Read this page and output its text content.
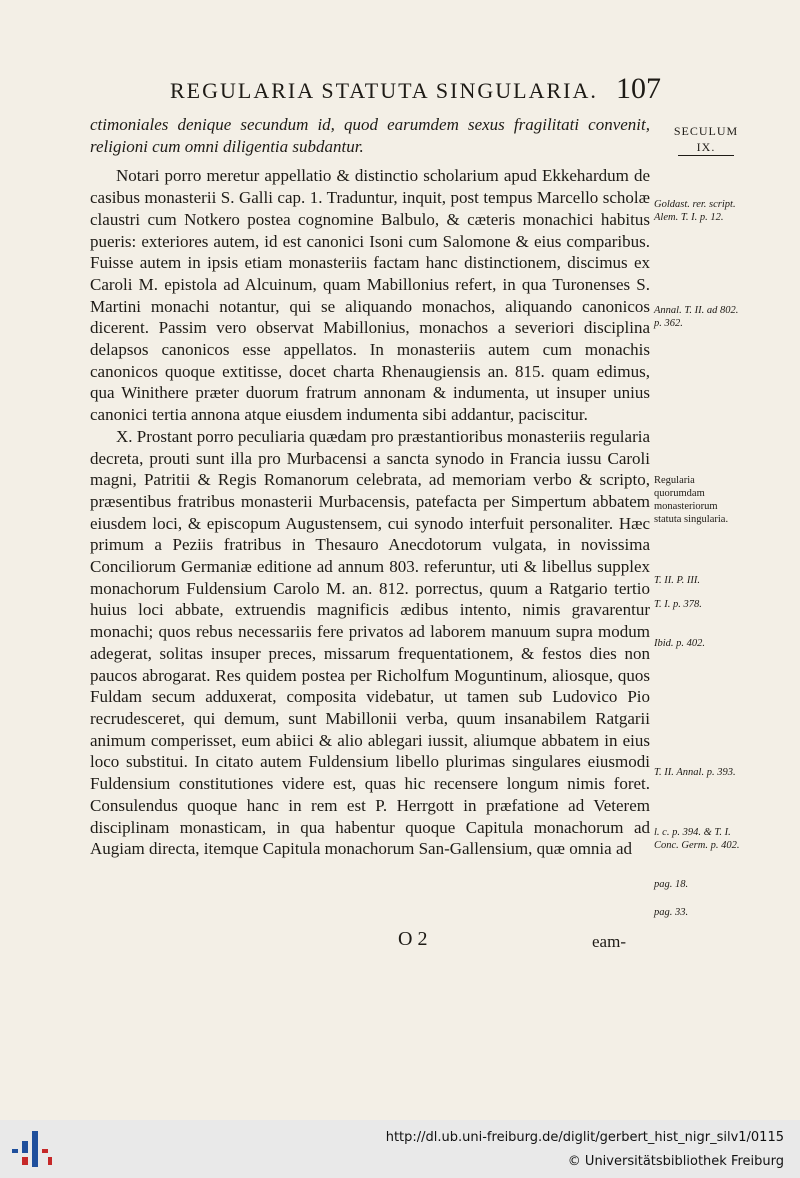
REGULARIA STATUTA SINGULARIA. 107
SECULUM
IX.

ctimoniales denique secundum id, quod earumdem sexus fragilitati convenit, religioni cum omni diligentia subdantur.

Notari porro meretur appellatio & distinctio scholarium apud Ekkehardum de casibus monasterii S. Galli cap. 1. Traduntur, inquit, post tempus Marcello scholæ claustri cum Notkero postea cognomine Balbulo, & cæteris monachici habitus pueris: exteriores autem, id est canonici Isoni cum Salomone & eius comparibus. Fuisse autem in ipsis etiam monasteriis factam hanc distinctionem, discimus ex Caroli M. epistola ad Alcuinum, quam Mabillonius refert, in qua Turonenses S. Martini monachi notantur, qui se aliquando monachos, aliquando canonicos dicerent. Passim vero observat Mabillonius, monachos a severiori disciplina delapsos canonicos esse appellatos. In monasteriis autem cum monachis canonicos quoque extitisse, docet charta Rhenaugiensis an. 815. quam edimus, qua Winithere præter duorum fratrum annonam & indumenta, ut insuper unius canonici tertia annona atque eiusdem indumenta sibi addantur, paciscitur.

X. Prostant porro peculiaria quædam pro præstantioribus monasteriis regularia decreta, prouti sunt illa pro Murbacensi a sancta synodo in Francia iussu Caroli magni, Patritii & Regis Romanorum celebrata, ad memoriam verbo & scripto, præsentibus fratribus monasterii Murbacensis, patefacta per Simpertum abbatem eiusdem loci, & episcopum Augustensem, cui synodo interfuit personaliter. Hæc primum a Peziis fratribus in Thesauro Anecdotorum vulgata, in novissima Conciliorum Germaniæ editione ad annum 803. referuntur, uti & libellus supplex monachorum Fuldensium Carolo M. an. 812. porrectus, quum a Ratgario tertio huius loci abbate, extruendis magnificis ædibus intento, nimis gravarentur monachi; quos rebus necessariis fere privatos ad laborem manuum supra modum adegerat, solitas insuper preces, missarum frequentationem, & festos dies non paucos abrogarat. Res quidem postea per Richolfum Moguntinum, aliosque, quos Fuldam secum adduxerat, composita videbatur, ut tamen sub Ludovico Pio recrudesceret, qui demum, sunt Mabillonii verba, quum insanabilem Ratgarii animum comperisset, eum abiici & alio ablegari iussit, aliumque abbatem in eius loco substitui. In citato autem Fuldensium libello plurimas singulares eiusmodi Fuldensium constitutiones videre est, quas hic recensere longum nimis foret. Consulendus quoque hanc in rem est P. Herrgott in præfatione ad Veterem disciplinam monasticam, in qua habentur quoque Capitula monachorum ad Augiam directa, itemque Capitula monachorum San-Gallensium, quæ omnia ad

Goldast. rer. script. Alem. T. I. p. 12.
Annal. T. II. ad 802. p. 362.
Regularia quorumdam monasteriorum statuta singularia.
T. II. P. III.
T. I. p. 378.
Ibid. p. 402.
T. II. Annal. p. 393.
l. c. p. 394. & T. I. Conc. Germ. p. 402.
pag. 18.
pag. 33.
O 2	eam-
http://dl.ub.uni-freiburg.de/diglit/gerbert_hist_nigr_silv1/0115
© Universitätsbibliothek Freiburg
